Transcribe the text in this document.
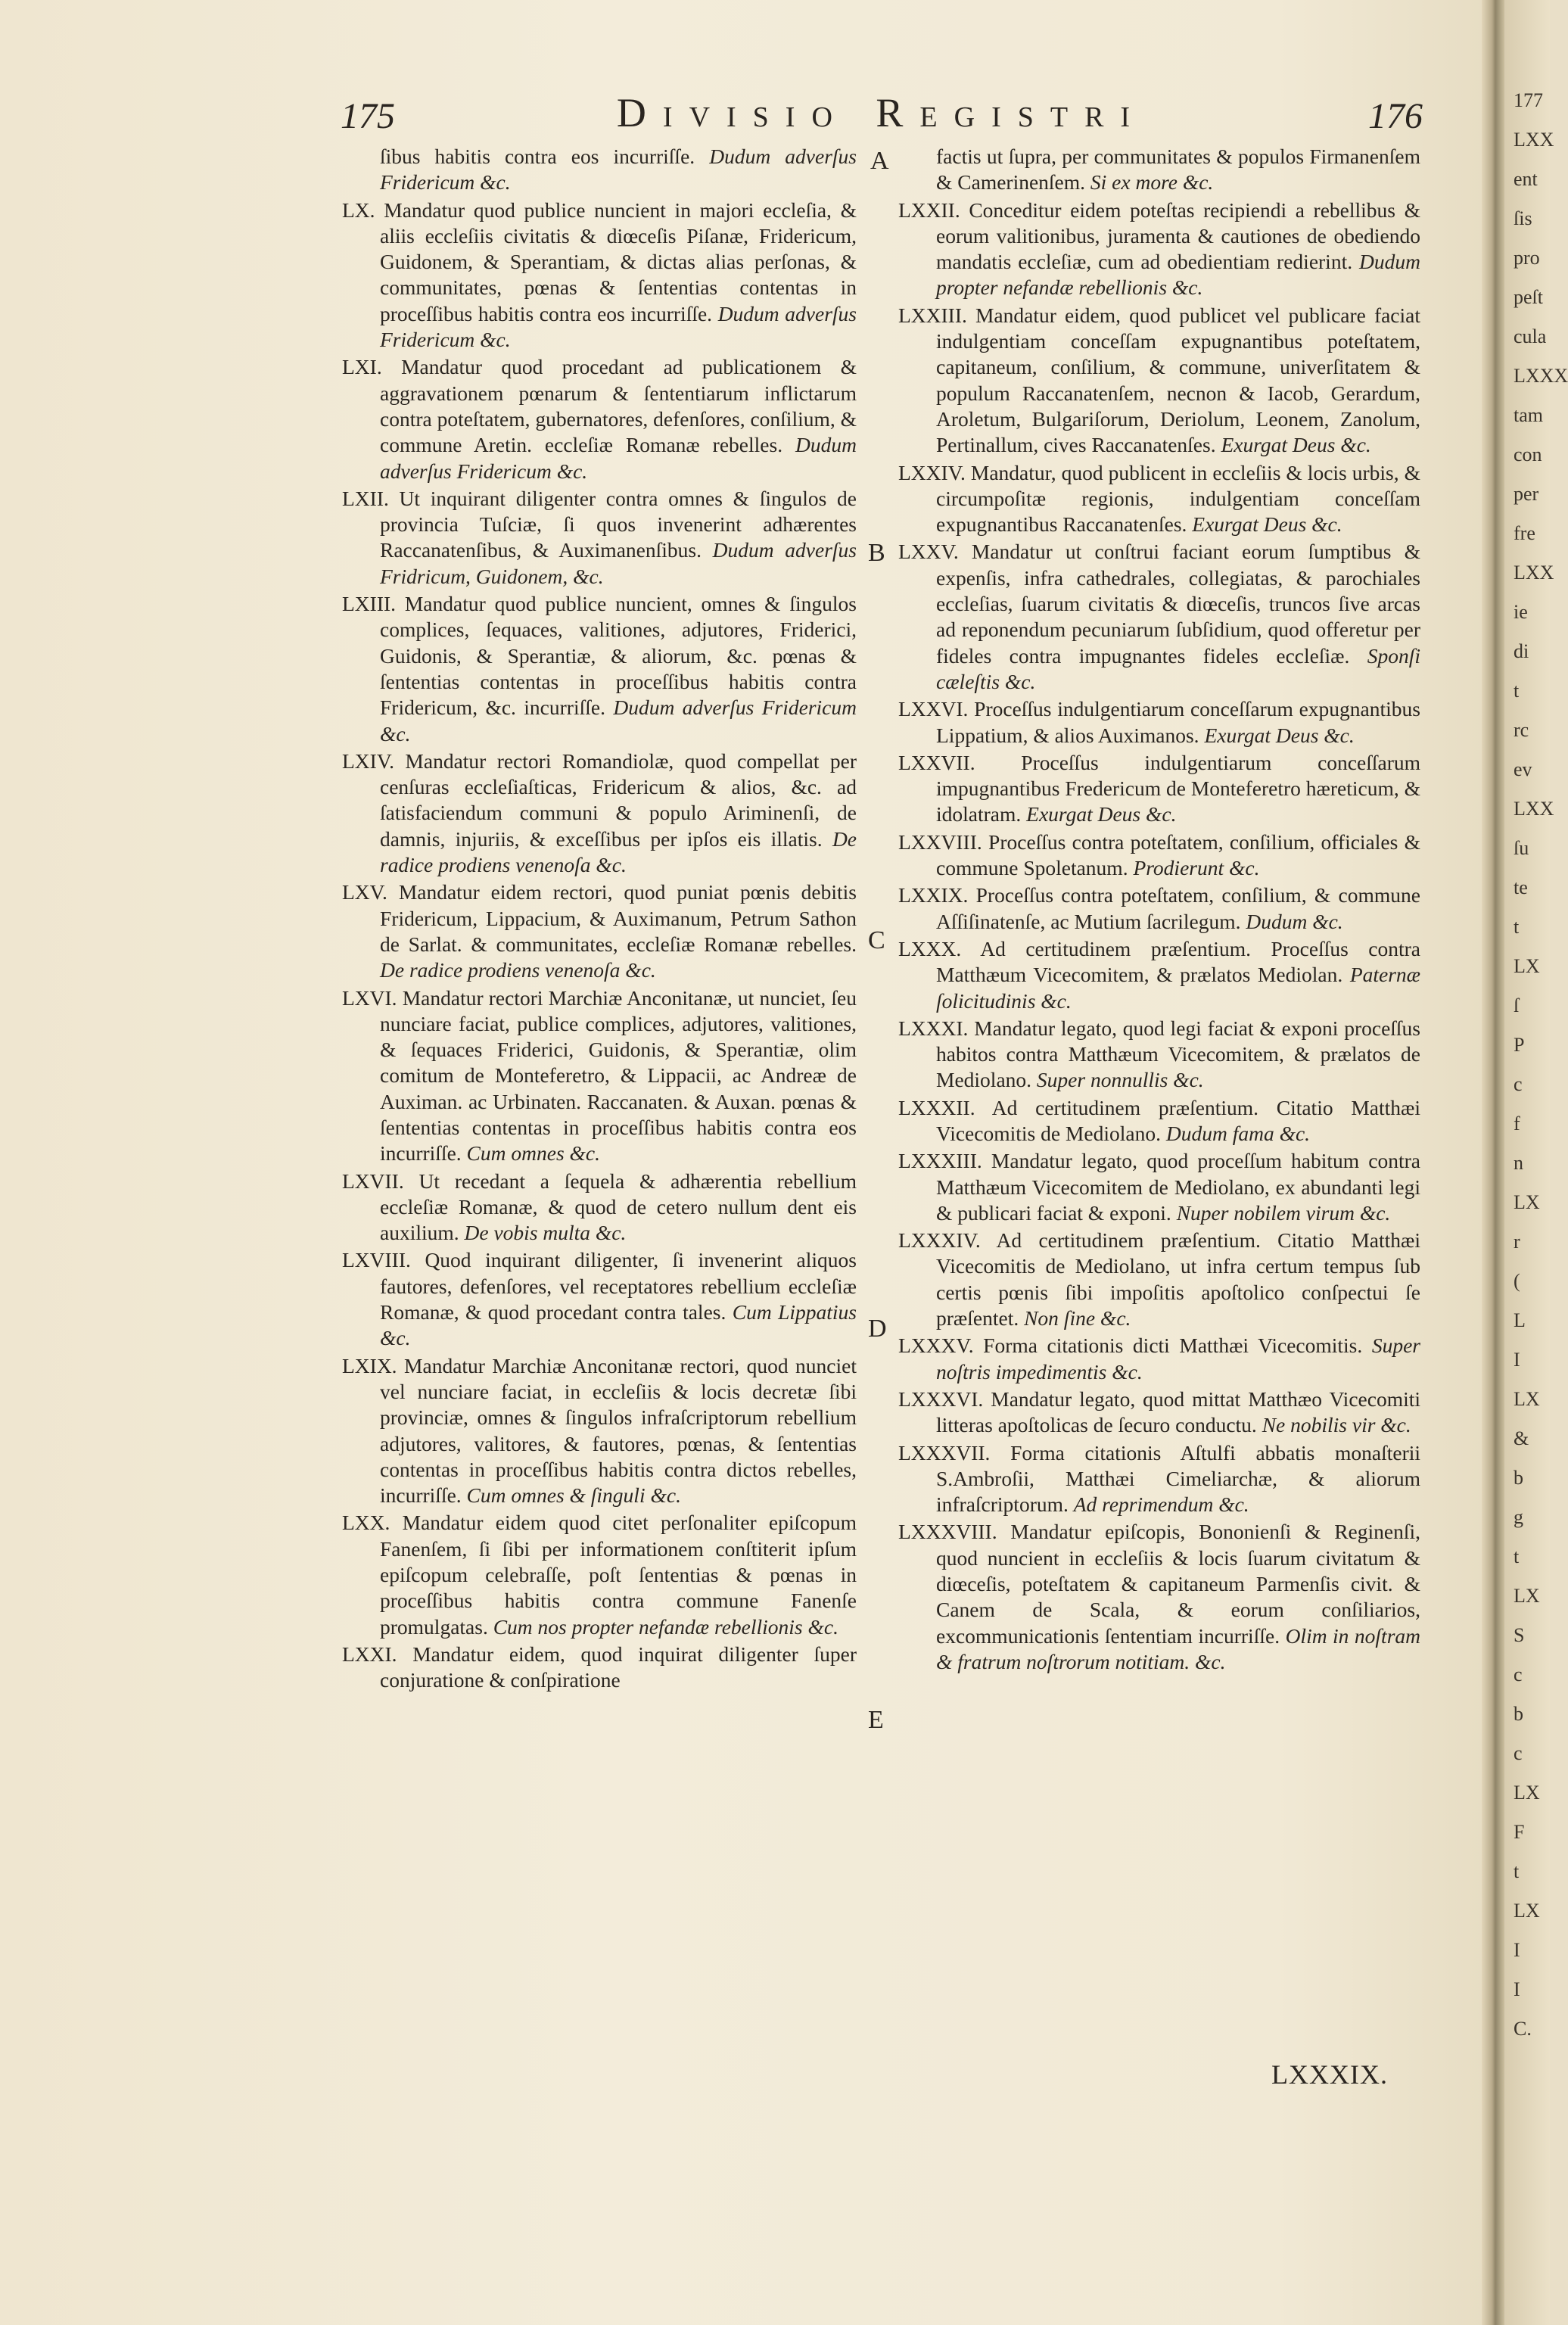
175	Divisio Registri	176

ſibus habitis contra eos incurriſſe. Dudum adverſus Fridericum &c.

LX. Mandatur quod publice nuncient in majori eccleſia, & aliis eccleſiis civitatis & diœceſis Piſanæ, Fridericum, Guidonem, & Sperantiam, & dictas alias perſonas, & communitates, pœnas & ſententias contentas in proceſſibus habitis contra eos incurriſſe. Dudum adverſus Fridericum &c.

LXI. Mandatur quod procedant ad publicationem & aggravationem pœnarum & ſententiarum inflictarum contra poteſtatem, gubernatores, defenſores, conſilium, & commune Aretin. eccleſiæ Romanæ rebelles. Dudum adverſus Fridericum &c.

LXII. Ut inquirant diligenter contra omnes & ſingulos de provincia Tuſciæ, ſi quos invenerint adhærentes Raccanatenſibus, & Auximanenſibus. Dudum adverſus Fridricum, Guidonem, &c.

LXIII. Mandatur quod publice nuncient, omnes & ſingulos complices, ſequaces, valitiones, adjutores, Friderici, Guidonis, & Sperantiæ, & aliorum, &c. pœnas & ſententias contentas in proceſſibus habitis contra Fridericum, &c. incurriſſe. Dudum adverſus Fridericum &c.

LXIV. Mandatur rectori Romandiolæ, quod compellat per cenſuras eccleſiaſticas, Fridericum & alios, &c. ad ſatisfaciendum communi & populo Ariminenſi, de damnis, injuriis, & exceſſibus per ipſos eis illatis. De radice prodiens venenoſa &c.

LXV. Mandatur eidem rectori, quod puniat pœnis debitis Fridericum, Lippacium, & Auximanum, Petrum Sathon de Sarlat. & communitates, eccleſiæ Romanæ rebelles. De radice prodiens venenoſa &c.

LXVI. Mandatur rectori Marchiæ Anconitanæ, ut nunciet, ſeu nunciare faciat, publice complices, adjutores, valitiones, & ſequaces Friderici, Guidonis, & Sperantiæ, olim comitum de Monteferetro, & Lippacii, ac Andreæ de Auximan. ac Urbinaten. Raccanaten. & Auxan. pœnas & ſententias contentas in proceſſibus habitis contra eos incurriſſe. Cum omnes &c.

LXVII. Ut recedant a ſequela & adhærentia rebellium eccleſiæ Romanæ, & quod de cetero nullum dent eis auxilium. De vobis multa &c.

LXVIII. Quod inquirant diligenter, ſi invenerint aliquos fautores, defenſores, vel receptatores rebellium eccleſiæ Romanæ, & quod procedant contra tales. Cum Lippatius &c.

LXIX. Mandatur Marchiæ Anconitanæ rectori, quod nunciet vel nunciare faciat, in eccleſiis & locis decretæ ſibi provinciæ, omnes & ſingulos infraſcriptorum rebellium adjutores, valitores, & fautores, pœnas, & ſententias contentas in proceſſibus habitis contra dictos rebelles, incurriſſe. Cum omnes & ſinguli &c.

LXX. Mandatur eidem quod citet perſonaliter epiſcopum Fanenſem, ſi ſibi per informationem conſtiterit ipſum epiſcopum celebraſſe, poſt ſententias & pœnas in proceſſibus habitis contra commune Fanenſe promulgatas. Cum nos propter nefandæ rebellionis &c.

LXXI. Mandatur eidem, quod inquirat diligenter ſuper conjuratione & conſpiratione

factis ut ſupra, per communitates & populos Firmanenſem & Camerinenſem. Si ex more &c.

LXXII. Conceditur eidem poteſtas recipiendi a rebellibus & eorum valitionibus, juramenta & cautiones de obediendo mandatis eccleſiæ, cum ad obedientiam redierint. Dudum propter nefandæ rebellionis &c.

LXXIII. Mandatur eidem, quod publicet vel publicare faciat indulgentiam conceſſam expugnantibus poteſtatem, capitaneum, conſilium, & commune, univerſitatem & populum Raccanatenſem, necnon & Iacob, Gerardum, Aroletum, Bulgariſorum, Deriolum, Leonem, Zanolum, Pertinallum, cives Raccanatenſes. Exurgat Deus &c.

LXXIV. Mandatur, quod publicent in eccleſiis & locis urbis, & circumpoſitæ regionis, indulgentiam conceſſam expugnantibus Raccanatenſes. Exurgat Deus &c.

LXXV. Mandatur ut conſtrui faciant eorum ſumptibus & expenſis, infra cathedrales, collegiatas, & parochiales eccleſias, ſuarum civitatis & diœceſis, truncos ſive arcas ad reponendum pecuniarum ſubſidium, quod offeretur per fideles contra impugnantes fideles eccleſiæ. Sponſi cæleſtis &c.

LXXVI. Proceſſus indulgentiarum conceſſarum expugnantibus Lippatium, & alios Auximanos. Exurgat Deus &c.

LXXVII. Proceſſus indulgentiarum conceſſarum impugnantibus Fredericum de Monteferetro hæreticum, & idolatram. Exurgat Deus &c.

LXXVIII. Proceſſus contra poteſtatem, conſilium, officiales & commune Spoletanum. Prodierunt &c.

LXXIX. Proceſſus contra poteſtatem, conſilium, & commune Aſſiſinatenſe, ac Mutium ſacrilegum. Dudum &c.

LXXX. Ad certitudinem præſentium. Proceſſus contra Matthæum Vicecomitem, & prælatos Mediolan. Paternæ ſolicitudinis &c.

LXXXI. Mandatur legato, quod legi faciat & exponi proceſſus habitos contra Matthæum Vicecomitem, & prælatos de Mediolano. Super nonnullis &c.

LXXXII. Ad certitudinem præſentium. Citatio Matthæi Vicecomitis de Mediolano. Dudum fama &c.

LXXXIII. Mandatur legato, quod proceſſum habitum contra Matthæum Vicecomitem de Mediolano, ex abundanti legi & publicari faciat & exponi. Nuper nobilem virum &c.

LXXXIV. Ad certitudinem præſentium. Citatio Matthæi Vicecomitis de Mediolano, ut infra certum tempus ſub certis pœnis ſibi impoſitis apoſtolico conſpectui ſe præſentet. Non ſine &c.

LXXXV. Forma citationis dicti Matthæi Vicecomitis. Super noſtris impedimentis &c.

LXXXVI. Mandatur legato, quod mittat Matthæo Vicecomiti litteras apoſtolicas de ſecuro conductu. Ne nobilis vir &c.

LXXXVII. Forma citationis Aſtulfi abbatis monaſterii S.Ambroſii, Matthæi Cimeliarchæ, & aliorum infraſcriptorum. Ad reprimendum &c.

LXXXVIII. Mandatur epiſcopis, Bononienſi & Reginenſi, quod nuncient in eccleſiis & locis ſuarum civitatum & diœceſis, poteſtatem & capitaneum Parmenſis civit. & Canem de Scala, & eorum conſiliarios, excommunicationis ſententiam incurriſſe. Olim in noſtram & fratrum noſtrorum notitiam. &c.

A
B
C
D
E
LXXXIX.
177
LXX
ent
ſis
pro
peſt
cula
LXXX
tam
con
per
fre
LXX
ie
di
t
rc
ev
LXX
ſu
te
t
LX
ſ
P
c
f
n
LX
r
(
L
I
LX
&
b
g
t
LX
S
c
b
c
LX
F
t
LX
I
I
C.
